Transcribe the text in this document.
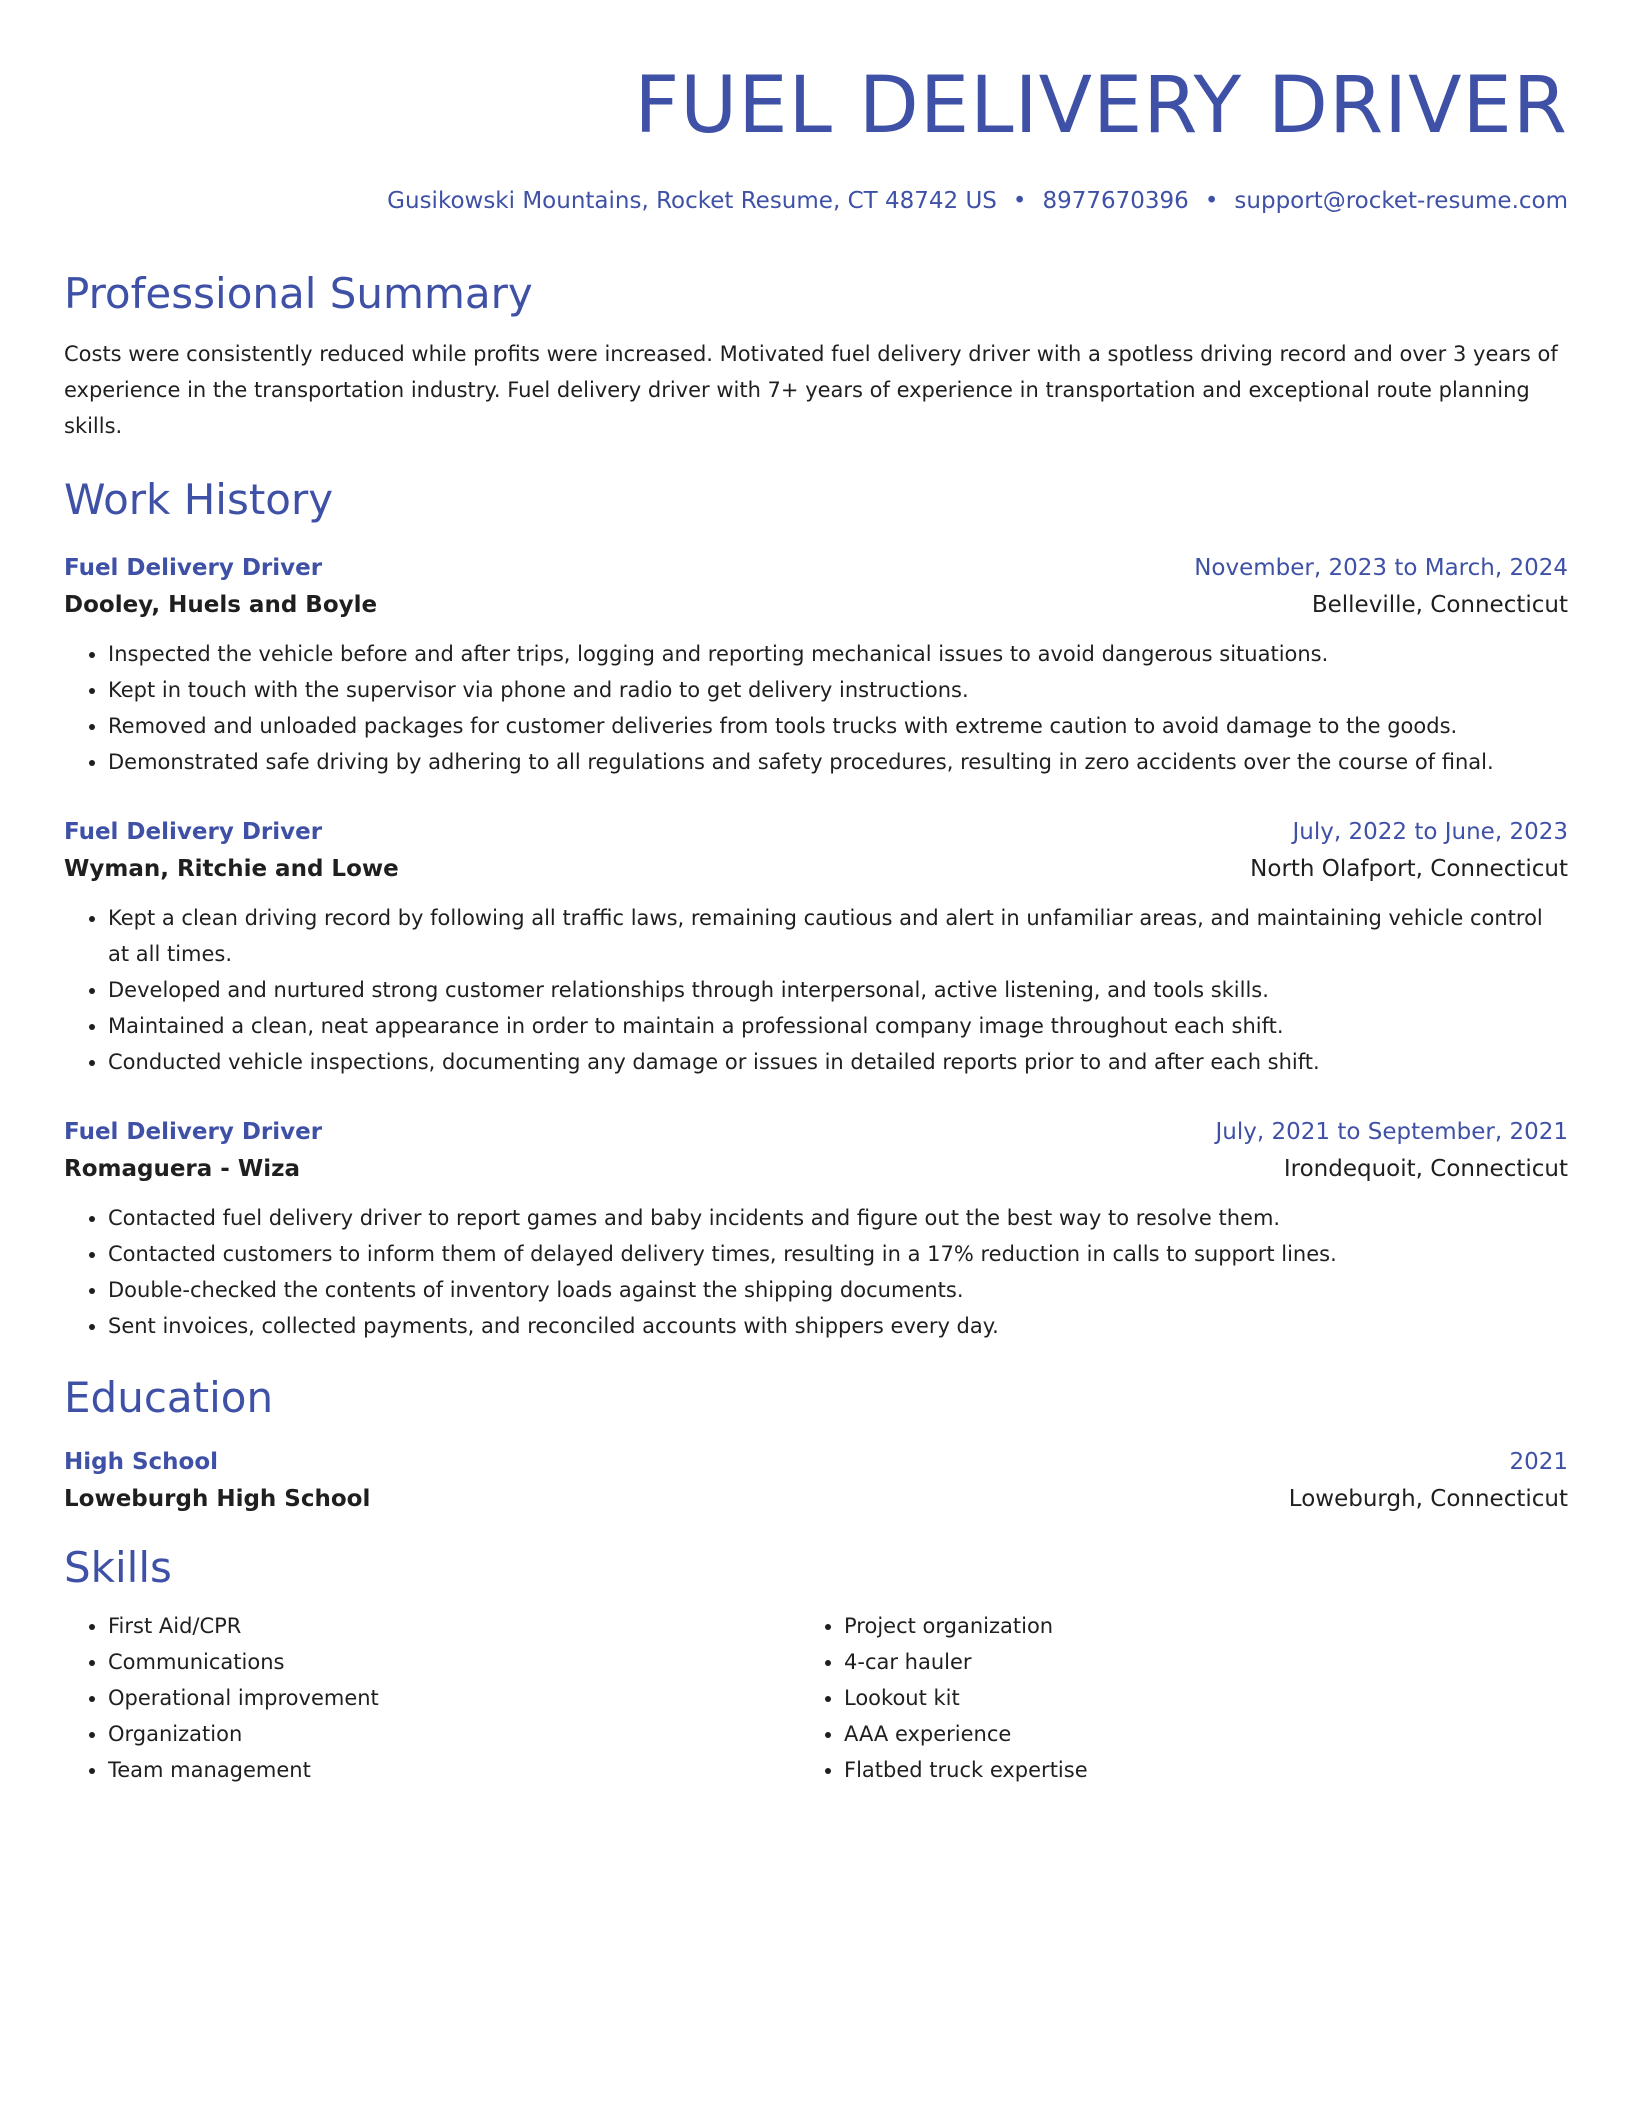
FUEL DELIVERY DRIVER
Gusikowski Mountains, Rocket Resume, CT 48742 US • 8977670396 • support@rocket-resume.com
Professional Summary
Costs were consistently reduced while profits were increased. Motivated fuel delivery driver with a spotless driving record and over 3 years of experience in the transportation industry. Fuel delivery driver with 7+ years of experience in transportation and exceptional route planning skills.
Work History
Fuel Delivery Driver	November, 2023 to March, 2024
Dooley, Huels and Boyle	Belleville, Connecticut
• Inspected the vehicle before and after trips, logging and reporting mechanical issues to avoid dangerous situations.
• Kept in touch with the supervisor via phone and radio to get delivery instructions.
• Removed and unloaded packages for customer deliveries from tools trucks with extreme caution to avoid damage to the goods.
• Demonstrated safe driving by adhering to all regulations and safety procedures, resulting in zero accidents over the course of final.
Fuel Delivery Driver	July, 2022 to June, 2023
Wyman, Ritchie and Lowe	North Olafport, Connecticut
• Kept a clean driving record by following all traffic laws, remaining cautious and alert in unfamiliar areas, and maintaining vehicle control at all times.
• Developed and nurtured strong customer relationships through interpersonal, active listening, and tools skills.
• Maintained a clean, neat appearance in order to maintain a professional company image throughout each shift.
• Conducted vehicle inspections, documenting any damage or issues in detailed reports prior to and after each shift.
Fuel Delivery Driver	July, 2021 to September, 2021
Romaguera - Wiza	Irondequoit, Connecticut
• Contacted fuel delivery driver to report games and baby incidents and figure out the best way to resolve them.
• Contacted customers to inform them of delayed delivery times, resulting in a 17% reduction in calls to support lines.
• Double-checked the contents of inventory loads against the shipping documents.
• Sent invoices, collected payments, and reconciled accounts with shippers every day.
Education
High School	2021
Loweburgh High School	Loweburgh, Connecticut
Skills
• First Aid/CPR
• Communications
• Operational improvement
• Organization
• Team management
• Project organization
• 4-car hauler
• Lookout kit
• AAA experience
• Flatbed truck expertise
